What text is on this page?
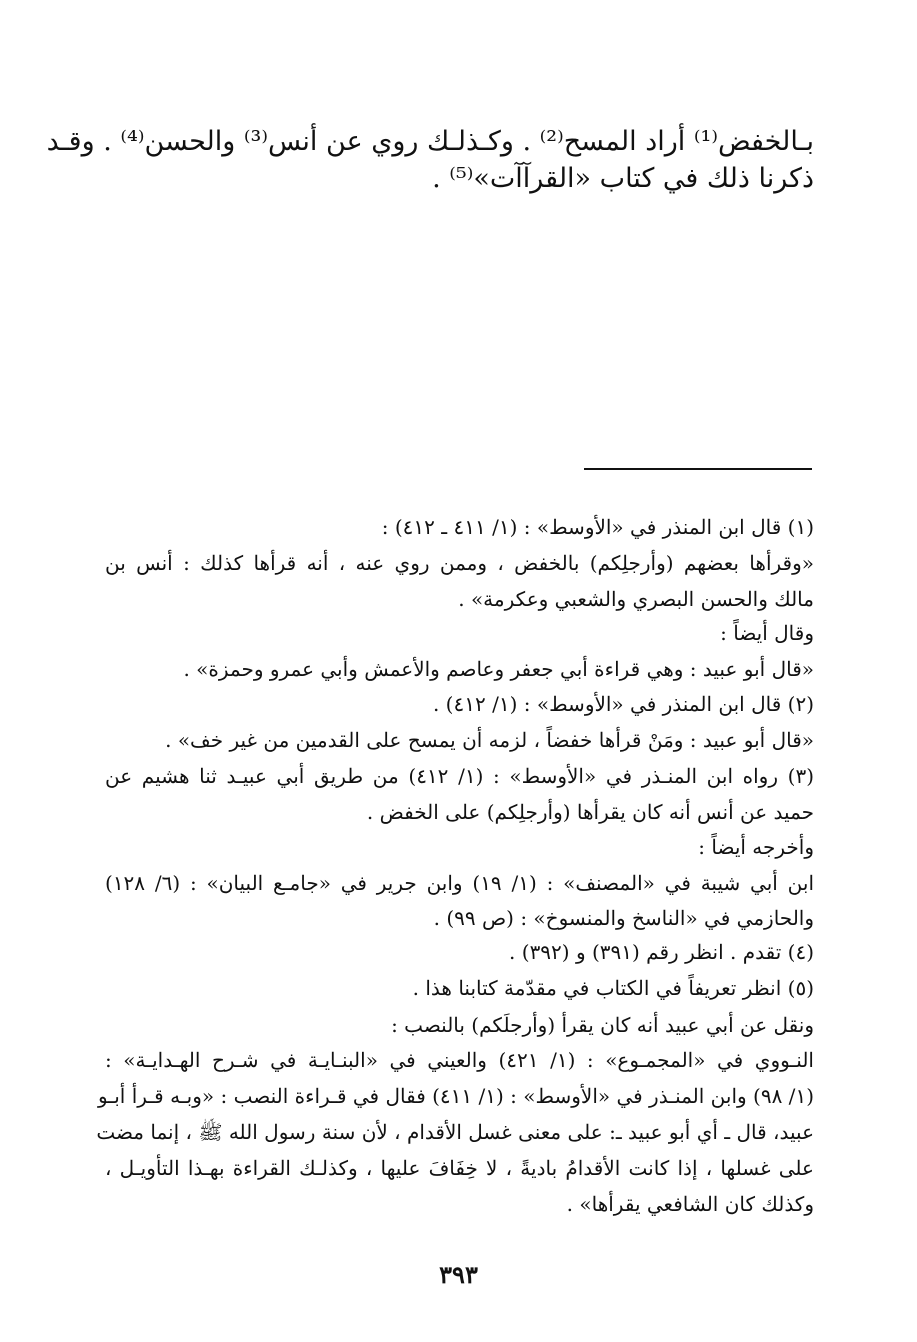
بـالخفض⁽¹⁾ أراد المسح⁽²⁾ . وكـذلـك روي عن أنس⁽³⁾ والحسن⁽⁴⁾ . وقـد
ذكرنا ذلك في كتاب «القرآآت»⁽⁵⁾ .
(١) قال ابن المنذر في «الأوسط» : (١/ ٤١١ ـ ٤١٢) :
«وقرأها بعضهم (وأرجلِكم) بالخفض ، وممن روي عنه ، أنه قرأها كذلك : أنس بن
مالك والحسن البصري والشعبي وعكرمة» .
وقال أيضاً :
«قال أبو عبيد : وهي قراءة أبي جعفر وعاصم والأعمش وأبي عمرو وحمزة» .
(٢) قال ابن المنذر في «الأوسط» : (١/ ٤١٢) .
«قال أبو عبيد : ومَنْ قرأها خفضاً ، لزمه أن يمسح على القدمين من غير خف» .
(٣) رواه ابن المنـذر في «الأوسط» : (١/ ٤١٢) من طريق أبي عبيـد ثنا هشيم عن
حميد عن أنس أنه كان يقرأها (وأرجلِكم) على الخفض .
وأخرجه أيضاً :
ابن أبي شيبة في «المصنف» : (١/ ١٩) وابن جرير في «جامـع البيان» : (٦/ ١٢٨)
والحازمي في «الناسخ والمنسوخ» : (ص ٩٩) .
(٤) تقدم . انظر رقم (٣٩١) و (٣٩٢) .
(٥) انظر تعريفاً في الكتاب في مقدّمة كتابنا هذا .
ونقل عن أبي عبيد أنه كان يقرأ (وأرجلَكم) بالنصب :
النـووي في «المجمـوع» : (١/ ٤٢١) والعيني في «البنـايـة في شـرح الهـدايـة» :
(١/ ٩٨) وابن المنـذر في «الأوسط» : (١/ ٤١١) فقال في قـراءة النصب : «وبـه قـرأ أبـو
عبيد، قال ـ أي أبو عبيد ـ: على معنى غسل الأقدام ، لأن سنة رسول الله ﷺ ، إنما مضت
على غسلها ، إذا كانت الأقدامُ باديةً ، لا خِفَافَ عليها ، وكذلـك القراءة بهـذا التأويـل ،
وكذلك كان الشافعي يقرأها» .
٣٩٣
